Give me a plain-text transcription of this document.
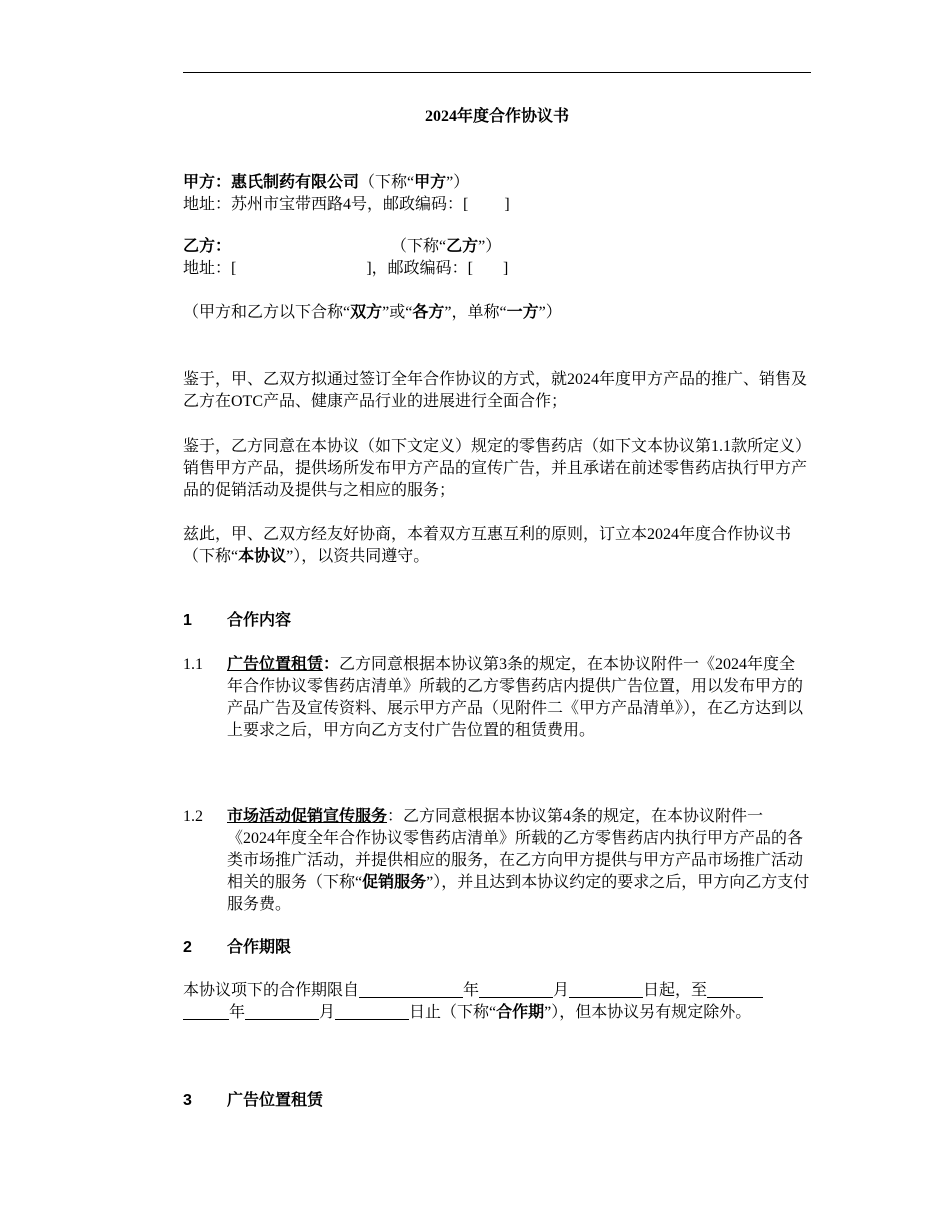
2024年度合作协议书
甲方：惠氏制药有限公司（下称“甲方”）
地址：苏州市宝带西路4号，邮政编码：[ ]
乙方：	（下称“乙方”）
地址：[	]，邮政编码：[ ]
（甲方和乙方以下合称“双方”或“各方”，单称“一方”）
鉴于，甲、乙双方拟通过签订全年合作协议的方式，就2024年度甲方产品的推广、销售及乙方在OTC产品、健康产品行业的进展进行全面合作；
鉴于，乙方同意在本协议（如下文定义）规定的零售药店（如下文本协议第1.1款所定义）销售甲方产品，提供场所发布甲方产品的宣传广告，并且承诺在前述零售药店执行甲方产品的促销活动及提供与之相应的服务；
兹此，甲、乙双方经友好协商，本着双方互惠互利的原则，订立本2024年度合作协议书（下称“本协议”），以资共同遵守。
1 合作内容
1.1 广告位置租赁：乙方同意根据本协议第3条的规定，在本协议附件一《2024年度全年合作协议零售药店清单》所载的乙方零售药店内提供广告位置，用以发布甲方的产品广告及宣传资料、展示甲方产品（见附件二《甲方产品清单》），在乙方达到以上要求之后，甲方向乙方支付广告位置的租赁费用。
1.2 市场活动促销宣传服务：乙方同意根据本协议第4条的规定，在本协议附件一《2024年度全年合作协议零售药店清单》所载的乙方零售药店内执行甲方产品的各类市场推广活动，并提供相应的服务，在乙方向甲方提供与甲方产品市场推广活动相关的服务（下称“促销服务”），并且达到本协议约定的要求之后，甲方向乙方支付服务费。
2 合作期限
本协议项下的合作期限自	年	月	日起，至
年	月	日止（下称“合作期”），但本协议另有规定除外。
3 广告位置租赁
